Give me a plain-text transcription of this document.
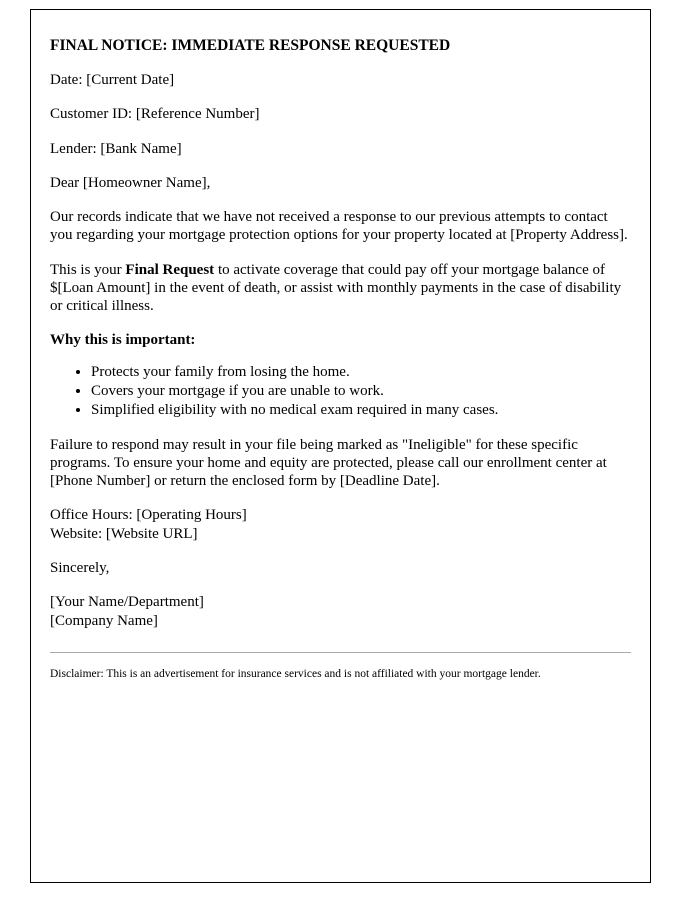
FINAL NOTICE: IMMEDIATE RESPONSE REQUESTED

Date: [Current Date]

Customer ID: [Reference Number]

Lender: [Bank Name]

Dear [Homeowner Name],

Our records indicate that we have not received a response to our previous attempts to contact you regarding your mortgage protection options for your property located at [Property Address].

This is your Final Request to activate coverage that could pay off your mortgage balance of $[Loan Amount] in the event of death, or assist with monthly payments in the case of disability or critical illness.

Why this is important:
• Protects your family from losing the home.
• Covers your mortgage if you are unable to work.
• Simplified eligibility with no medical exam required in many cases.

Failure to respond may result in your file being marked as "Ineligible" for these specific programs. To ensure your home and equity are protected, please call our enrollment center at [Phone Number] or return the enclosed form by [Deadline Date].

Office Hours: [Operating Hours]
Website: [Website URL]

Sincerely,

[Your Name/Department]
[Company Name]

Disclaimer: This is an advertisement for insurance services and is not affiliated with your mortgage lender.
